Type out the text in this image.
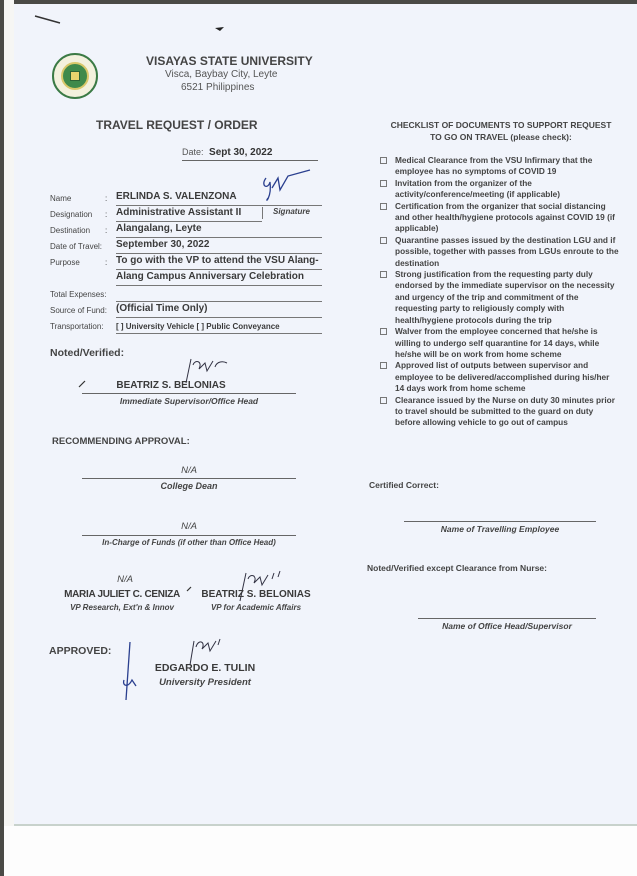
VISAYAS STATE UNIVERSITY
Visca, Baybay City, Leyte
6521 Philippines
TRAVEL REQUEST / ORDER
Date: Sept 30, 2022
Name	: ERLINDA S. VALENZONA
Designation	: Administrative Assistant II	Signature
Destination	: Alangalang, Leyte
Date of Travel:	September 30, 2022
Purpose	: To go with the VP to attend the VSU Alang-
Alang Campus Anniversary Celebration
Total Expenses:
Source of Fund: (Official Time Only)
Transportation:	[ ] University Vehicle [ ] Public Conveyance
Noted/Verified:
BEATRIZ S. BELONIAS
Immediate Supervisor/Office Head
RECOMMENDING APPROVAL:
N/A
College Dean
N/A
In-Charge of Funds (if other than Office Head)
N/A
MARIA JULIET C. CENIZA
VP Research, Ext'n & Innov
BEATRIZ S. BELONIAS
VP for Academic Affairs
APPROVED:
EDGARDO E. TULIN
University President
CHECKLIST OF DOCUMENTS TO SUPPORT REQUEST
TO GO ON TRAVEL (please check):
Medical Clearance from the VSU Infirmary that the employee has no symptoms of COVID 19
Invitation from the organizer of the activity/conference/meeting (if applicable)
Certification from the organizer that social distancing and other health/hygiene protocols against COVID 19 (if applicable)
Quarantine passes issued by the destination LGU and if possible, together with passes from LGUs enroute to the destination
Strong justification from the requesting party duly endorsed by the immediate supervisor on the necessity and urgency of the trip and commitment of the requesting party to religiously comply with health/hygiene protocols during the trip
Walver from the employee concerned that he/she is willing to undergo self quarantine for 14 days, while he/she will be on work from home scheme
Approved list of outputs between supervisor and employee to be delivered/accomplished during his/her 14 days work from home scheme
Clearance issued by the Nurse on duty 30 minutes prior to travel should be submitted to the guard on duty before allowing vehicle to go out of campus
Certified Correct:
Name of Travelling Employee
Noted/Verified except Clearance from Nurse:
Name of Office Head/Supervisor
